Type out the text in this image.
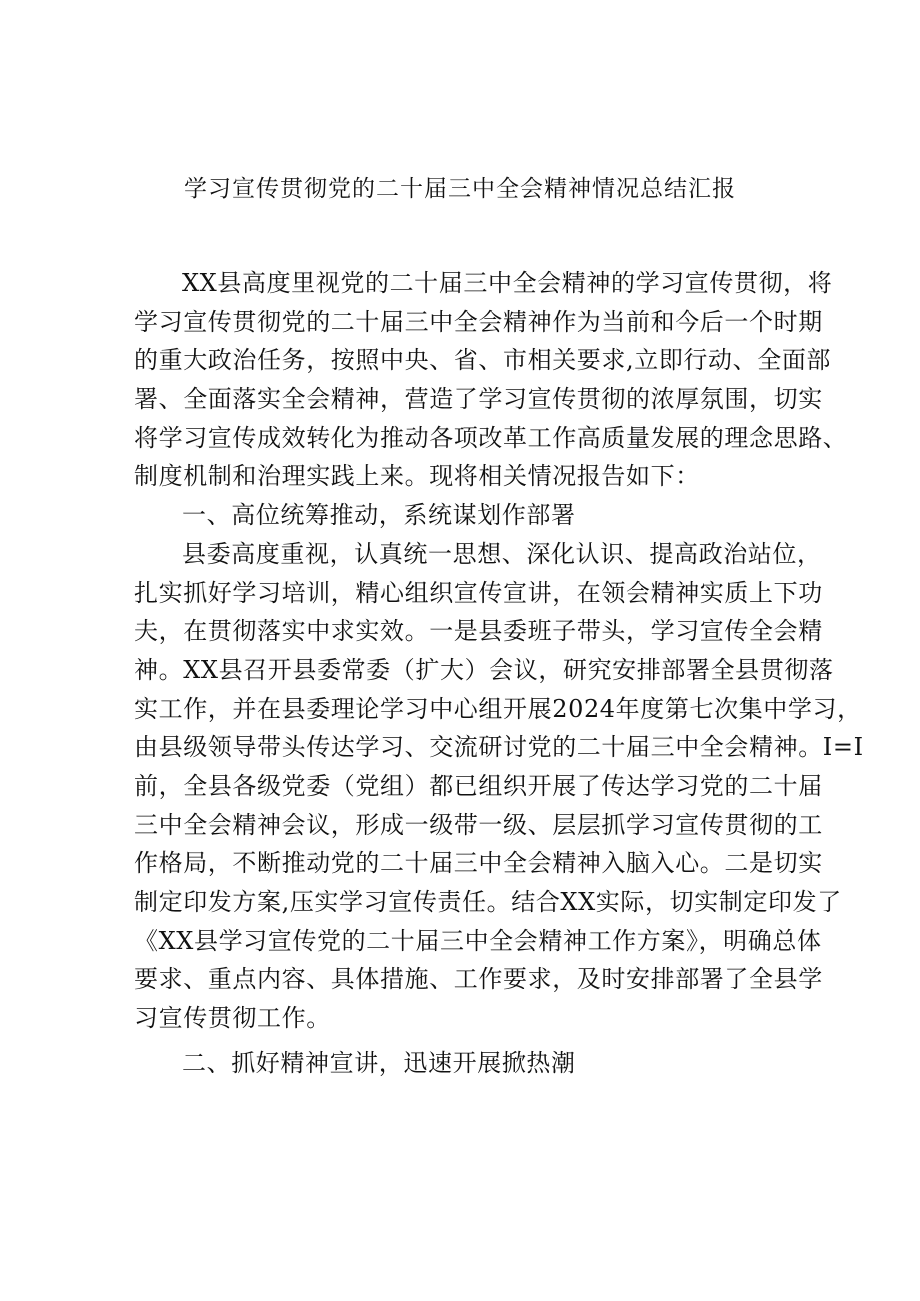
学习宣传贯彻党的二十届三中全会精神情况总结汇报
XX县高度里视党的二十届三中全会精神的学习宣传贯彻，将
学习宣传贯彻党的二十届三中全会精神作为当前和今后一个时期
的重大政治任务，按照中央、省、市相关要求,立即行动、全面部
署、全面落实全会精神，营造了学习宣传贯彻的浓厚氛围，切实
将学习宣传成效转化为推动各项改革工作高质量发展的理念思路、
制度机制和治理实践上来。现将相关情况报告如下：
一、高位统筹推动，系统谋划作部署
县委高度重视，认真统一思想、深化认识、提高政治站位，
扎实抓好学习培训，精心组织宣传宣讲，在领会精神实质上下功
夫，在贯彻落实中求实效。一是县委班子带头，学习宣传全会精
神。XX县召开县委常委（扩大）会议，研究安排部署全县贯彻落
实工作，并在县委理论学习中心组开展2024年度第七次集中学习，
由县级领导带头传达学习、交流研讨党的二十届三中全会精神。I=I
前，全县各级党委（党组）都已组织开展了传达学习党的二十届
三中全会精神会议，形成一级带一级、层层抓学习宣传贯彻的工
作格局，不断推动党的二十届三中全会精神入脑入心。二是切实
制定印发方案,压实学习宣传责任。结合XX实际，切实制定印发了
《XX县学习宣传党的二十届三中全会精神工作方案》，明确总体
要求、重点内容、具体措施、工作要求，及时安排部署了全县学
习宣传贯彻工作。
二、抓好精神宣讲，迅速开展掀热潮
